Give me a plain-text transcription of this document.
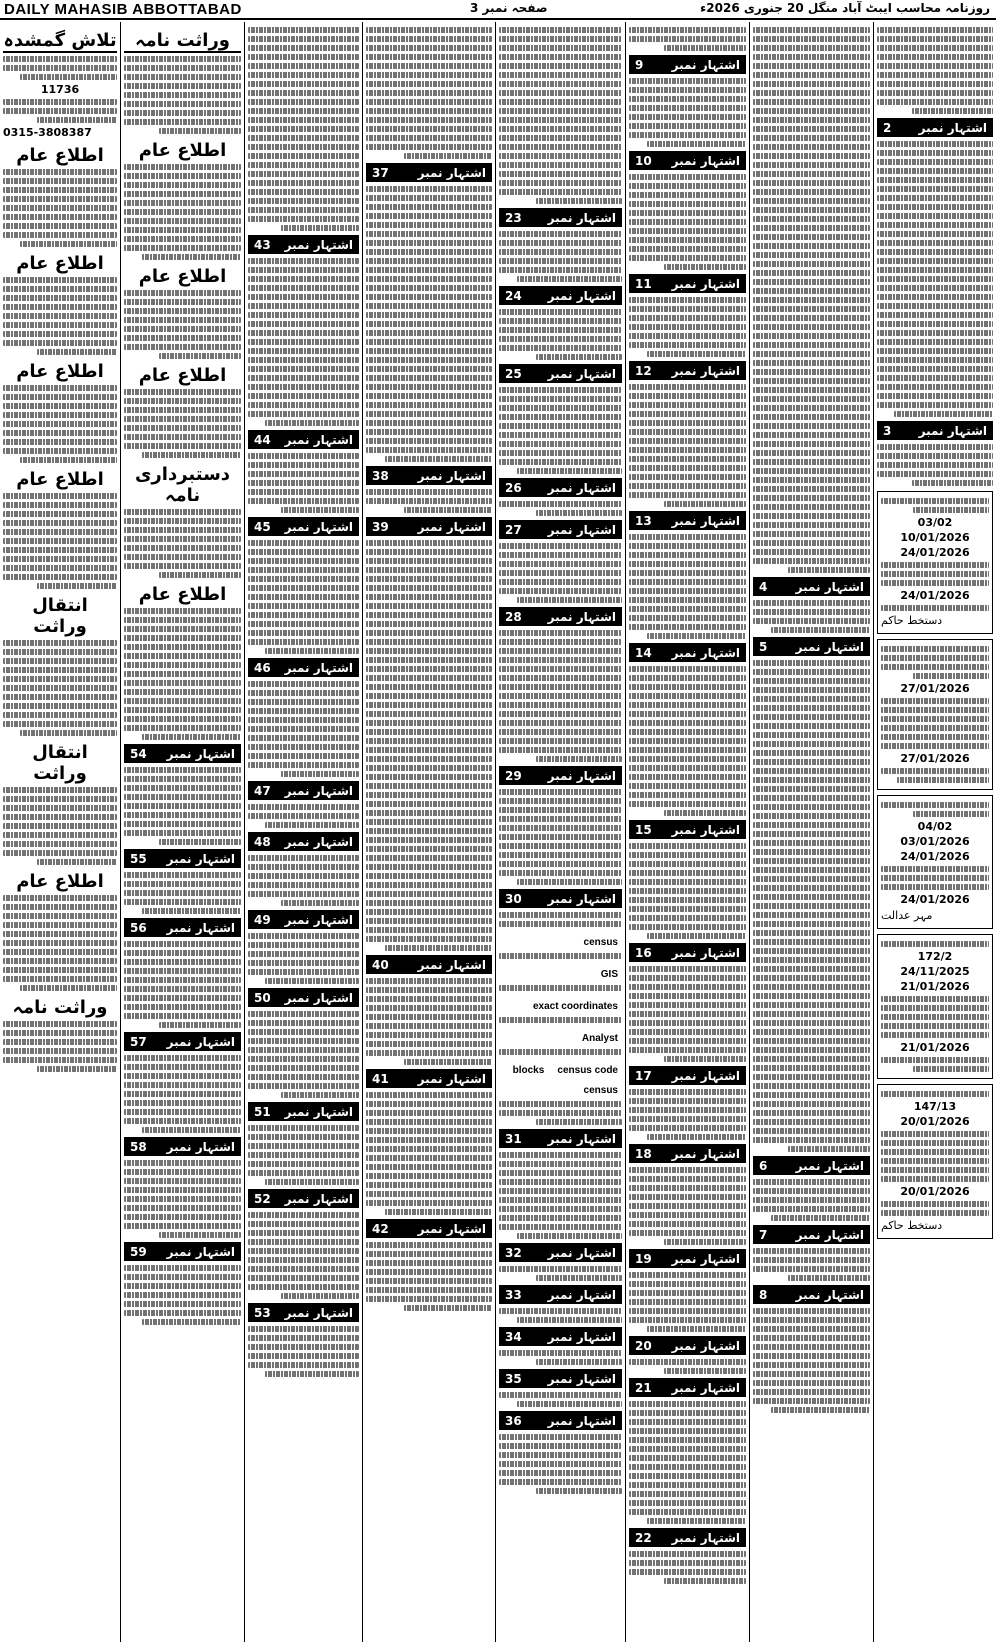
DAILY MAHASIB ABBOTTABAD	صفحہ نمبر 3	روزنامہ محاسب ایبٹ آباد منگل 20 جنوری 2026ء
تلاش گمشدہ
11736
0315-3808387
اطلاع عام
اطلاع عام
اطلاع عام
اطلاع عام
انتقال وراثت
انتقال وراثت
اطلاع عام
وراثت نامہ
وراثت نامہ
اطلاع عام
اطلاع عام
اطلاع عام
دستبرداری نامہ
اطلاع عام
اشتہار نمبر
54
اشتہار نمبر
55
اشتہار نمبر
56
اشتہار نمبر
57
اشتہار نمبر
58
اشتہار نمبر
59
اشتہار نمبر
43
اشتہار نمبر
44
اشتہار نمبر
45
اشتہار نمبر
46
اشتہار نمبر
47
اشتہار نمبر
48
اشتہار نمبر
49
اشتہار نمبر
50
اشتہار نمبر
51
اشتہار نمبر
52
اشتہار نمبر
53
اشتہار نمبر
37
اشتہار نمبر
38
اشتہار نمبر
39
اشتہار نمبر
40
اشتہار نمبر
41
اشتہار نمبر
42
اشتہار نمبر
23
اشتہار نمبر
24
اشتہار نمبر
25
اشتہار نمبر
26
اشتہار نمبر
27
اشتہار نمبر
28
اشتہار نمبر
29
اشتہار نمبر
30
census
GIS
exact coordinates
Analyst
census code blocks census
اشتہار نمبر
31
اشتہار نمبر
32
اشتہار نمبر
33
اشتہار نمبر
34
اشتہار نمبر
35
اشتہار نمبر
36
اشتہار نمبر
9
اشتہار نمبر
10
اشتہار نمبر
11
اشتہار نمبر
12
اشتہار نمبر
13
اشتہار نمبر
14
اشتہار نمبر
15
اشتہار نمبر
16
اشتہار نمبر
17
اشتہار نمبر
18
اشتہار نمبر
19
اشتہار نمبر
20
اشتہار نمبر
21
اشتہار نمبر
22
اشتہار نمبر
4
اشتہار نمبر
5
اشتہار نمبر
6
اشتہار نمبر
7
اشتہار نمبر
8
اشتہار نمبر
2
اشتہار نمبر
3
03/02
10/01/2026
24/01/2026
24/01/2026
دستخط حاکم
27/01/2026
27/01/2026
04/02
03/01/2026
24/01/2026
24/01/2026
مہر عدالت
172/2
24/11/2025
21/01/2026
21/01/2026
147/13
20/01/2026
20/01/2026
دستخط حاکم
